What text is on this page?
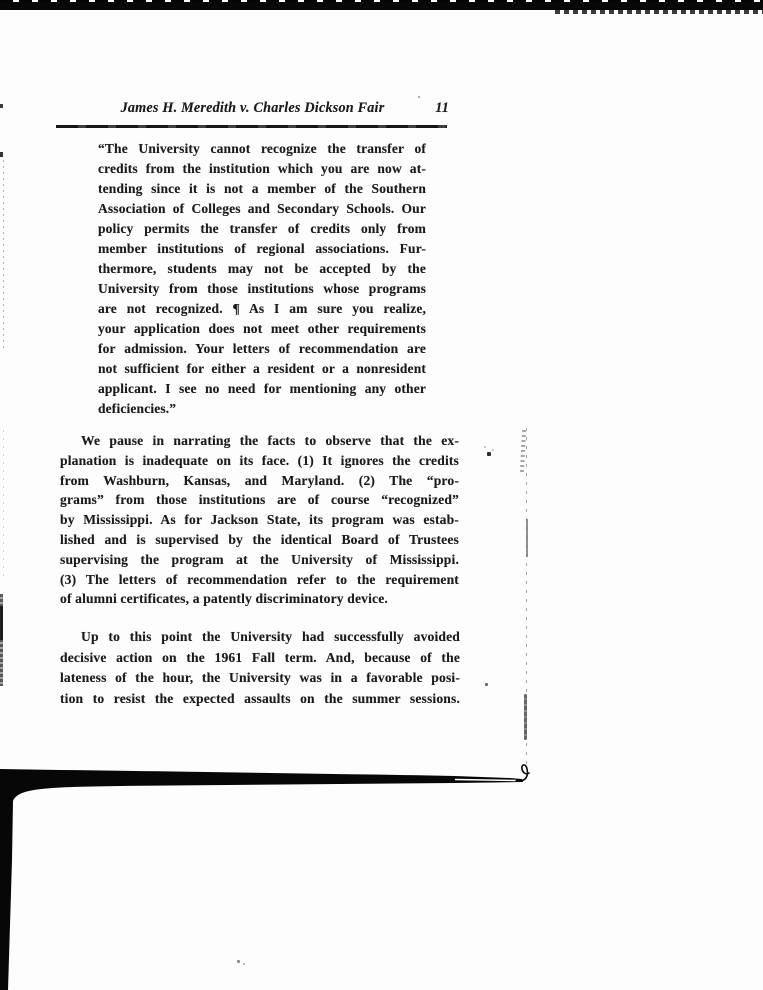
James H. Meredith v. Charles Dickson Fair	11
“The University cannot recognize the transfer of
credits from the institution which you are now at-
tending since it is not a member of the Southern
Association of Colleges and Secondary Schools. Our
policy permits the transfer of credits only from
member institutions of regional associations. Fur-
thermore, students may not be accepted by the
University from those institutions whose programs
are not recognized. ¶ As I am sure you realize,
your application does not meet other requirements
for admission. Your letters of recommendation are
not sufficient for either a resident or a nonresident
applicant. I see no need for mentioning any other
deficiencies.”
We pause in narrating the facts to observe that the ex-
planation is inadequate on its face. (1) It ignores the credits
from Washburn, Kansas, and Maryland. (2) The “pro-
grams” from those institutions are of course “recognized”
by Mississippi. As for Jackson State, its program was estab-
lished and is supervised by the identical Board of Trustees
supervising the program at the University of Mississippi.
(3) The letters of recommendation refer to the requirement
of alumni certificates, a patently discriminatory device.
Up to this point the University had successfully avoided
decisive action on the 1961 Fall term. And, because of the
lateness of the hour, the University was in a favorable posi-
tion to resist the expected assaults on the summer sessions.
